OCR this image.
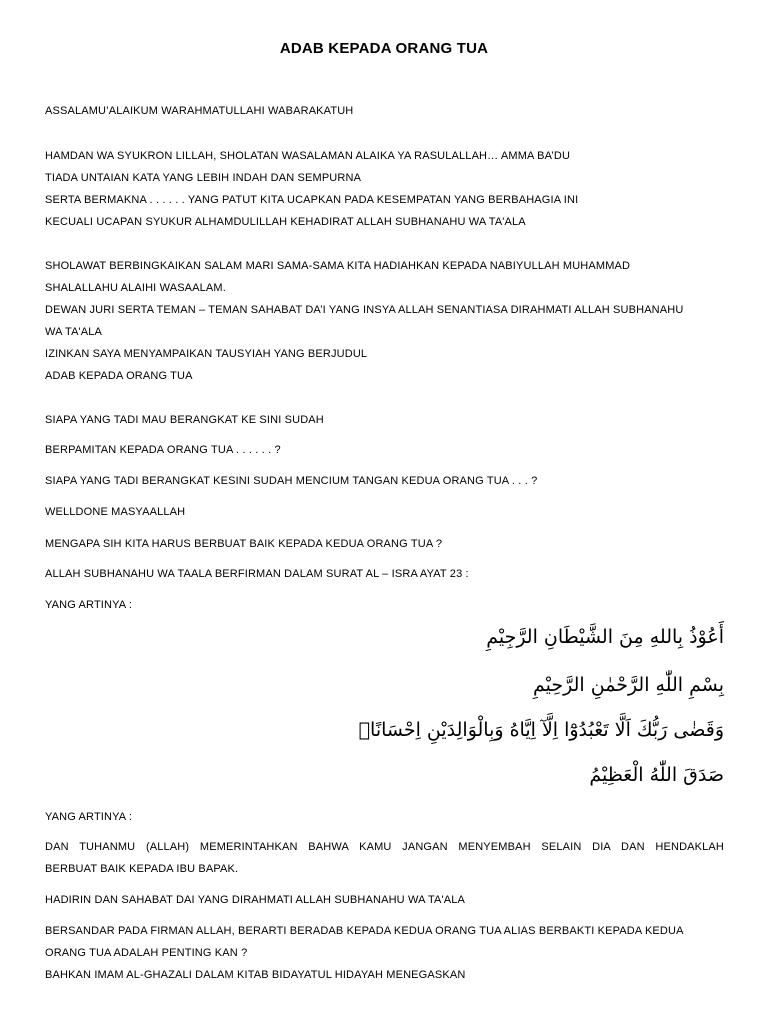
ADAB KEPADA ORANG TUA
ASSALAMU’ALAIKUM WARAHMATULLAHI WABARAKATUH
HAMDAN WA SYUKRON LILLAH, SHOLATAN WASALAMAN ALAIKA YA RASULALLAH… AMMA BA’DU
TIADA UNTAIAN KATA YANG LEBIH INDAH DAN SEMPURNA
SERTA BERMAKNA . . . . . . YANG PATUT KITA UCAPKAN PADA KESEMPATAN YANG BERBAHAGIA INI
KECUALI UCAPAN SYUKUR ALHAMDULILLAH KEHADIRAT ALLAH SUBHANAHU WA TA'ALA
SHOLAWAT BERBINGKAIKAN SALAM MARI SAMA-SAMA KITA HADIAHKAN KEPADA NABIYULLAH MUHAMMAD
SHALALLAHU ALAIHI WASAALAM.
DEWAN JURI SERTA TEMAN – TEMAN SAHABAT DA’I YANG INSYA ALLAH SENANTIASA DIRAHMATI ALLAH SUBHANAHU
WA TA'ALA
IZINKAN SAYA MENYAMPAIKAN TAUSYIAH YANG BERJUDUL
ADAB KEPADA ORANG TUA
SIAPA YANG TADI MAU BERANGKAT KE SINI SUDAH
BERPAMITAN KEPADA ORANG TUA . . . . . . ?
SIAPA YANG TADI BERANGKAT KESINI SUDAH MENCIUM TANGAN KEDUA ORANG TUA . . . ?
WELLDONE MASYAALLAH
MENGAPA SIH KITA HARUS BERBUAT BAIK KEPADA KEDUA ORANG TUA ?
ALLAH SUBHANAHU WA TAALA BERFIRMAN DALAM SURAT AL – ISRA AYAT 23 :
YANG ARTINYA :
أَعُوْذُ بِاللهِ مِنَ الشَّيْطَانِ الرَّجِيْمِ
بِسْمِ اللّٰهِ الرَّحْمٰنِ الرَّحِيْمِ
وَقَضٰى رَبُّكَ اَلَّا تَعْبُدُوْٓا اِلَّآ اِيَّاهُ وَبِالْوَالِدَيْنِ اِحْسَانًاۗ
صَدَقَ اللّٰهُ الْعَظِيْمُ
YANG ARTINYA :
DAN TUHANMU (ALLAH) MEMERINTAHKAN BAHWA KAMU JANGAN MENYEMBAH SELAIN DIA DAN HENDAKLAH
BERBUAT BAIK KEPADA IBU BAPAK.
HADIRIN DAN SAHABAT DAI YANG DIRAHMATI ALLAH SUBHANAHU WA TA'ALA
BERSANDAR PADA FIRMAN ALLAH, BERARTI BERADAB KEPADA KEDUA ORANG TUA ALIAS BERBAKTI KEPADA KEDUA
ORANG TUA ADALAH PENTING KAN ?
BAHKAN IMAM AL-GHAZALI DALAM KITAB BIDAYATUL HIDAYAH MENEGASKAN
